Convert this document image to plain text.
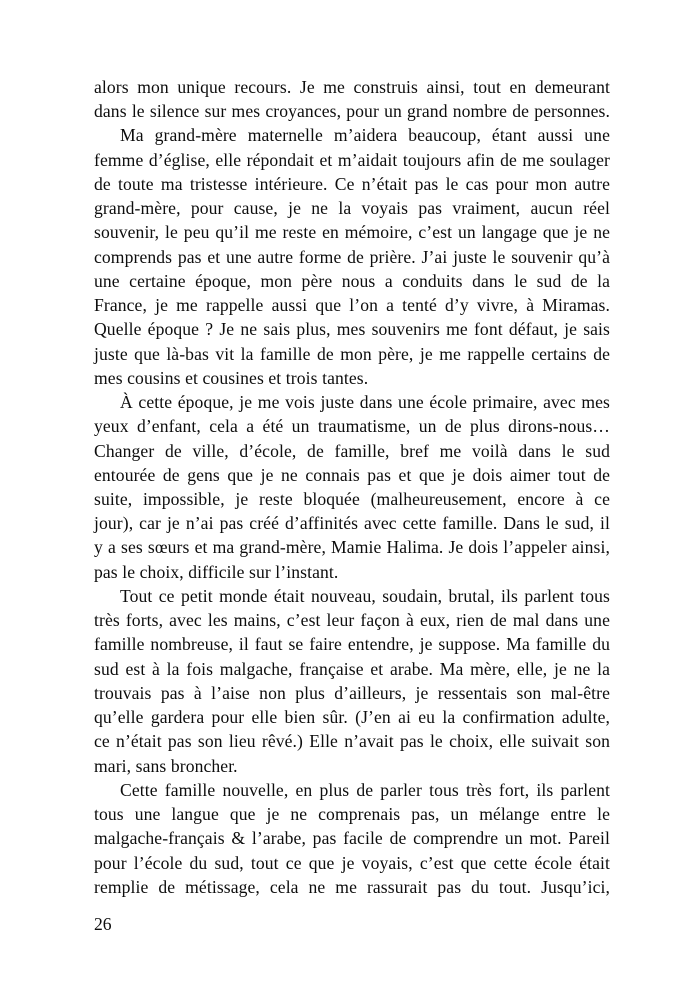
alors mon unique recours. Je me construis ainsi, tout en demeurant
dans le silence sur mes croyances, pour un grand nombre de personnes.
Ma grand-mère maternelle m’aidera beaucoup, étant aussi une
femme d’église, elle répondait et m’aidait toujours afin de me soulager
de toute ma tristesse intérieure. Ce n’était pas le cas pour mon autre
grand-mère, pour cause, je ne la voyais pas vraiment, aucun réel
souvenir, le peu qu’il me reste en mémoire, c’est un langage que je ne
comprends pas et une autre forme de prière. J’ai juste le souvenir qu’à
une certaine époque, mon père nous a conduits dans le sud de la
France, je me rappelle aussi que l’on a tenté d’y vivre, à Miramas.
Quelle époque ? Je ne sais plus, mes souvenirs me font défaut, je sais
juste que là-bas vit la famille de mon père, je me rappelle certains de
mes cousins et cousines et trois tantes.
À cette époque, je me vois juste dans une école primaire, avec mes
yeux d’enfant, cela a été un traumatisme, un de plus dirons-nous…
Changer de ville, d’école, de famille, bref me voilà dans le sud
entourée de gens que je ne connais pas et que je dois aimer tout de
suite, impossible, je reste bloquée (malheureusement, encore à ce
jour), car je n’ai pas créé d’affinités avec cette famille. Dans le sud, il
y a ses sœurs et ma grand-mère, Mamie Halima. Je dois l’appeler ainsi,
pas le choix, difficile sur l’instant.
Tout ce petit monde était nouveau, soudain, brutal, ils parlent tous
très forts, avec les mains, c’est leur façon à eux, rien de mal dans une
famille nombreuse, il faut se faire entendre, je suppose. Ma famille du
sud est à la fois malgache, française et arabe. Ma mère, elle, je ne la
trouvais pas à l’aise non plus d’ailleurs, je ressentais son mal-être
qu’elle gardera pour elle bien sûr. (J’en ai eu la confirmation adulte,
ce n’était pas son lieu rêvé.) Elle n’avait pas le choix, elle suivait son
mari, sans broncher.
Cette famille nouvelle, en plus de parler tous très fort, ils parlent
tous une langue que je ne comprenais pas, un mélange entre le
malgache-français & l’arabe, pas facile de comprendre un mot. Pareil
pour l’école du sud, tout ce que je voyais, c’est que cette école était
remplie de métissage, cela ne me rassurait pas du tout. Jusqu’ici,
26
